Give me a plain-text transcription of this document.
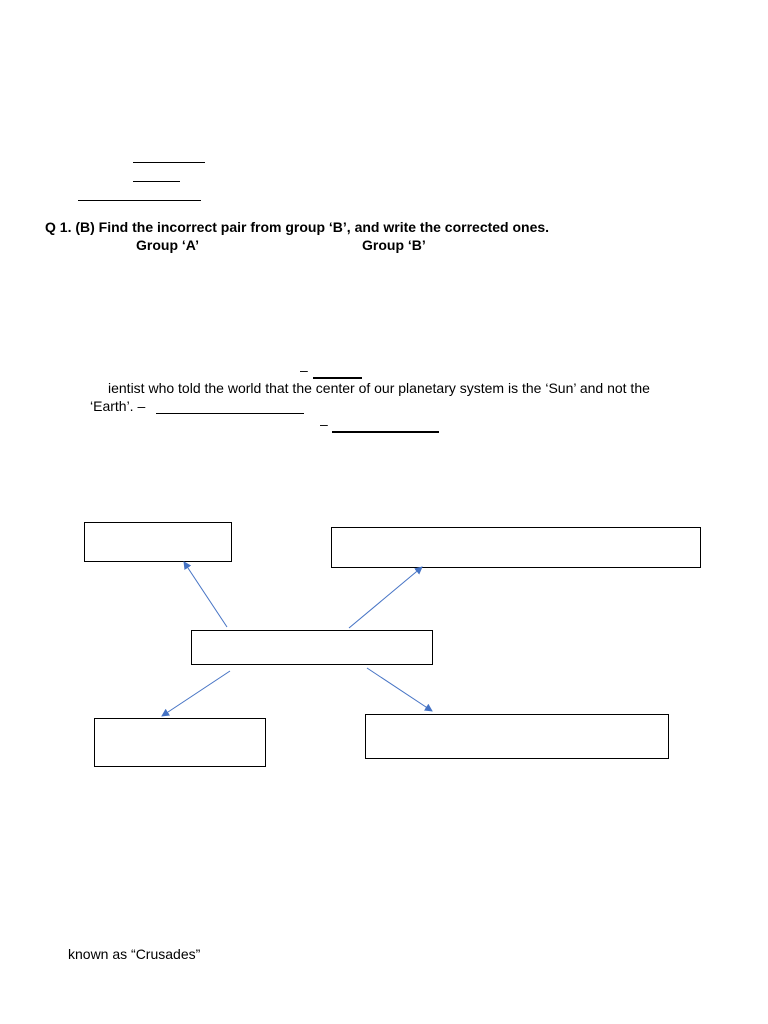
Q 1. (B) Find the incorrect pair from group ‘B’, and write the corrected ones.
Group ‘A’	Group ‘B’
–
ientist who told the world that the center of our planetary system is the ‘Sun’ and not the
‘Earth’. –
–
known as “Crusades”
